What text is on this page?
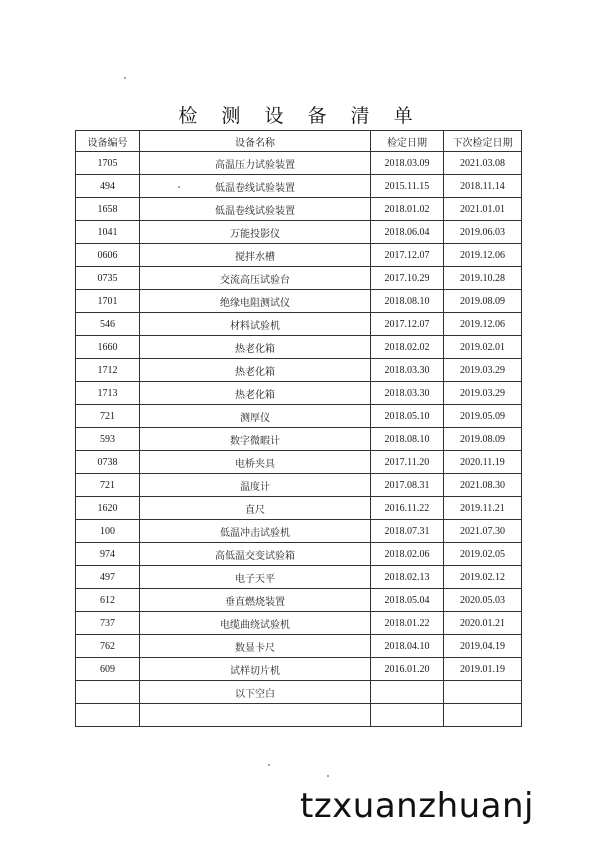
检 测 设 备 清 单
设备编号	设备名称	检定日期	下次检定日期
1705	高温压力试验装置	2018.03.09	2021.03.08
494	低温卷线试验装置	2015.11.15	2018.11.14
1658	低温卷线试验装置	2018.01.02	2021.01.01
1041	万能投影仪	2018.06.04	2019.06.03
0606	搅拌水槽	2017.12.07	2019.12.06
0735	交流高压试验台	2017.10.29	2019.10.28
1701	绝缘电阻测试仪	2018.08.10	2019.08.09
546	材料试验机	2017.12.07	2019.12.06
1660	热老化箱	2018.02.02	2019.02.01
1712	热老化箱	2018.03.30	2019.03.29
1713	热老化箱	2018.03.30	2019.03.29
721	测厚仪	2018.05.10	2019.05.09
593	数字微暇计	2018.08.10	2019.08.09
0738	电桥夹具	2017.11.20	2020.11.19
721	温度计	2017.08.31	2021.08.30
1620	直尺	2016.11.22	2019.11.21
100	低温冲击试验机	2018.07.31	2021.07.30
974	高低温交变试验箱	2018.02.06	2019.02.05
497	电子天平	2018.02.13	2019.02.12
612	垂直燃烧装置	2018.05.04	2020.05.03
737	电缆曲绕试验机	2018.01.22	2020.01.21
762	数显卡尺	2018.04.10	2019.04.19
609	试样切片机	2016.01.20	2019.01.19
	以下空白		

tzxuanzhuanj
